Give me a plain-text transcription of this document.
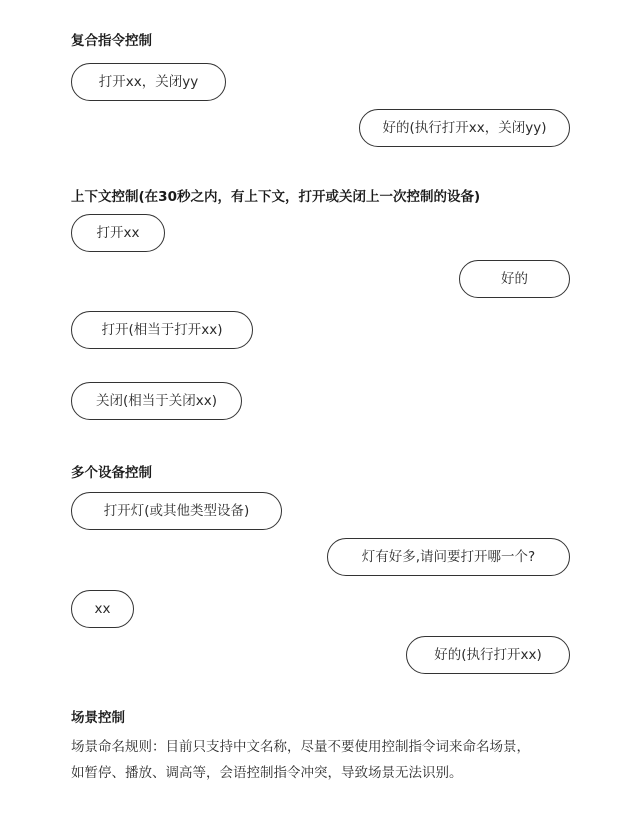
复合指令控制
打开xx，关闭yy
好的(执行打开xx，关闭yy)
上下文控制(在30秒之内，有上下文，打开或关闭上一次控制的设备)
打开xx
好的
打开(相当于打开xx)
关闭(相当于关闭xx)
多个设备控制
打开灯(或其他类型设备)
灯有好多,请问要打开哪一个?
xx
好的(执行打开xx)
场景控制
场景命名规则：目前只支持中文名称，尽量不要使用控制指令词来命名场景，
如暂停、播放、调高等，会语控制指令冲突，导致场景无法识别。
